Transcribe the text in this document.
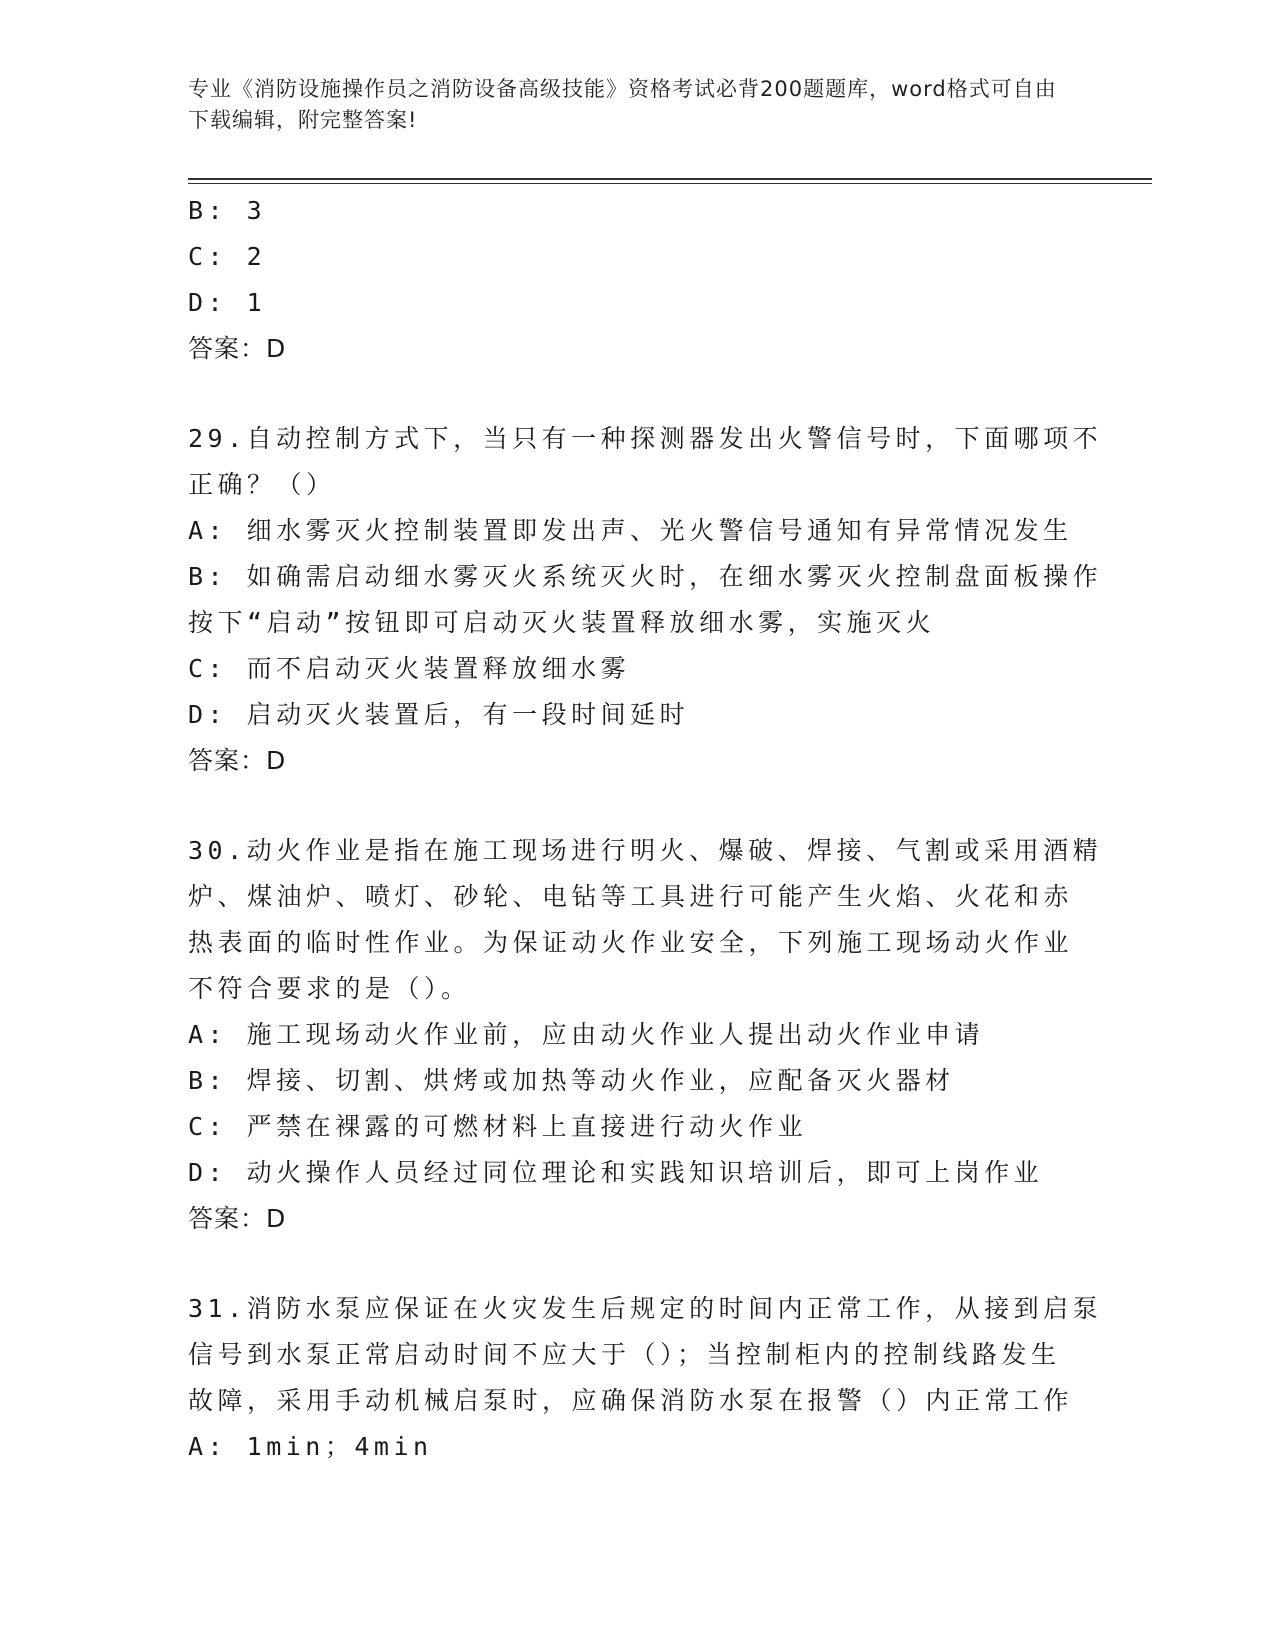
专业《消防设施操作员之消防设备高级技能》资格考试必背200题题库，word格式可自由下载编辑，附完整答案!
B: 3
C: 2
D: 1
答案：D
29.自动控制方式下，当只有一种探测器发出火警信号时，下面哪项不
正确？（）
A: 细水雾灭火控制装置即发出声、光火警信号通知有异常情况发生
B: 如确需启动细水雾灭火系统灭火时，在细水雾灭火控制盘面板操作
按下“启动”按钮即可启动灭火装置释放细水雾，实施灭火
C: 而不启动灭火装置释放细水雾
D: 启动灭火装置后，有一段时间延时
答案：D
30.动火作业是指在施工现场进行明火、爆破、焊接、气割或采用酒精
炉、煤油炉、喷灯、砂轮、电钻等工具进行可能产生火焰、火花和赤
热表面的临时性作业。为保证动火作业安全，下列施工现场动火作业
不符合要求的是（）。
A: 施工现场动火作业前，应由动火作业人提出动火作业申请
B: 焊接、切割、烘烤或加热等动火作业，应配备灭火器材
C: 严禁在裸露的可燃材料上直接进行动火作业
D: 动火操作人员经过同位理论和实践知识培训后，即可上岗作业
答案：D
31.消防水泵应保证在火灾发生后规定的时间内正常工作，从接到启泵
信号到水泵正常启动时间不应大于（）；当控制柜内的控制线路发生
故障，采用手动机械启泵时，应确保消防水泵在报警（）内正常工作
A: 1min；4min
